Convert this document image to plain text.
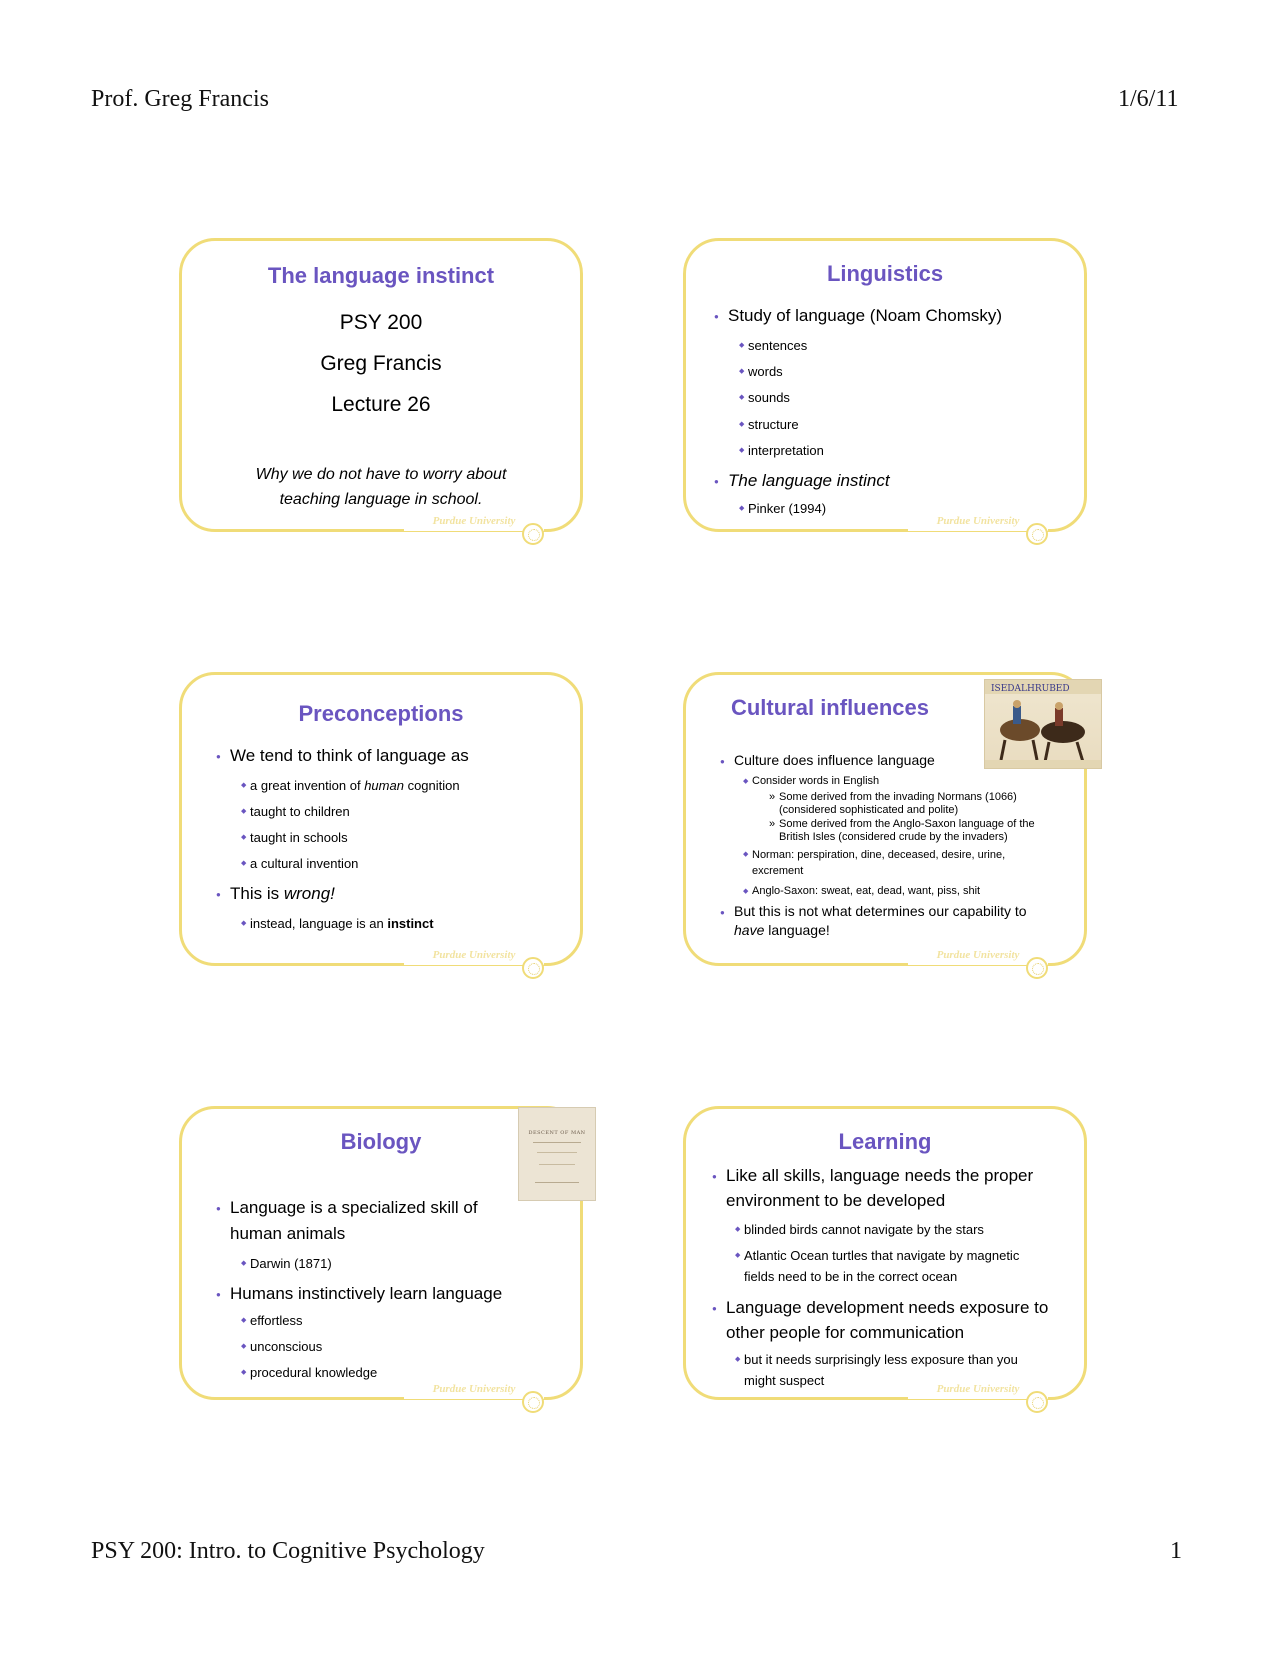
Prof. Greg Francis	1/6/11
The language instinct
PSY 200
Greg Francis
Lecture 26
Why we do not have to worry about
teaching language in school.
Purdue University
Linguistics
● Study of language (Noam Chomsky)
◆ sentences
◆ words
◆ sounds
◆ structure
◆ interpretation
● The language instinct
◆ Pinker (1994)
Purdue University
Preconceptions
● We tend to think of language as
◆ a great invention of human cognition
◆ taught to children
◆ taught in schools
◆ a cultural invention
● This is wrong!
◆ instead, language is an instinct
Purdue University
Cultural influences
ISEDALHRUBED
● Culture does influence language
◆ Consider words in English
» Some derived from the invading Normans (1066)
(considered sophisticated and polite)
» Some derived from the Anglo-Saxon language of the
British Isles (considered crude by the invaders)
◆ Norman: perspiration, dine, deceased, desire, urine,
excrement
◆ Anglo-Saxon: sweat, eat, dead, want, piss, shit
● But this is not what determines our capability to
have language!
Purdue University
Biology	DESCENT OF MAN
● Language is a specialized skill of
human animals
◆ Darwin (1871)
● Humans instinctively learn language
◆ effortless
◆ unconscious
◆ procedural knowledge
Purdue University
Learning
● Like all skills, language needs the proper
environment to be developed
◆ blinded birds cannot navigate by the stars
◆ Atlantic Ocean turtles that navigate by magnetic
fields need to be in the correct ocean
● Language development needs exposure to
other people for communication
◆ but it needs surprisingly less exposure than you
might suspect
Purdue University
PSY 200: Intro. to Cognitive Psychology	1
